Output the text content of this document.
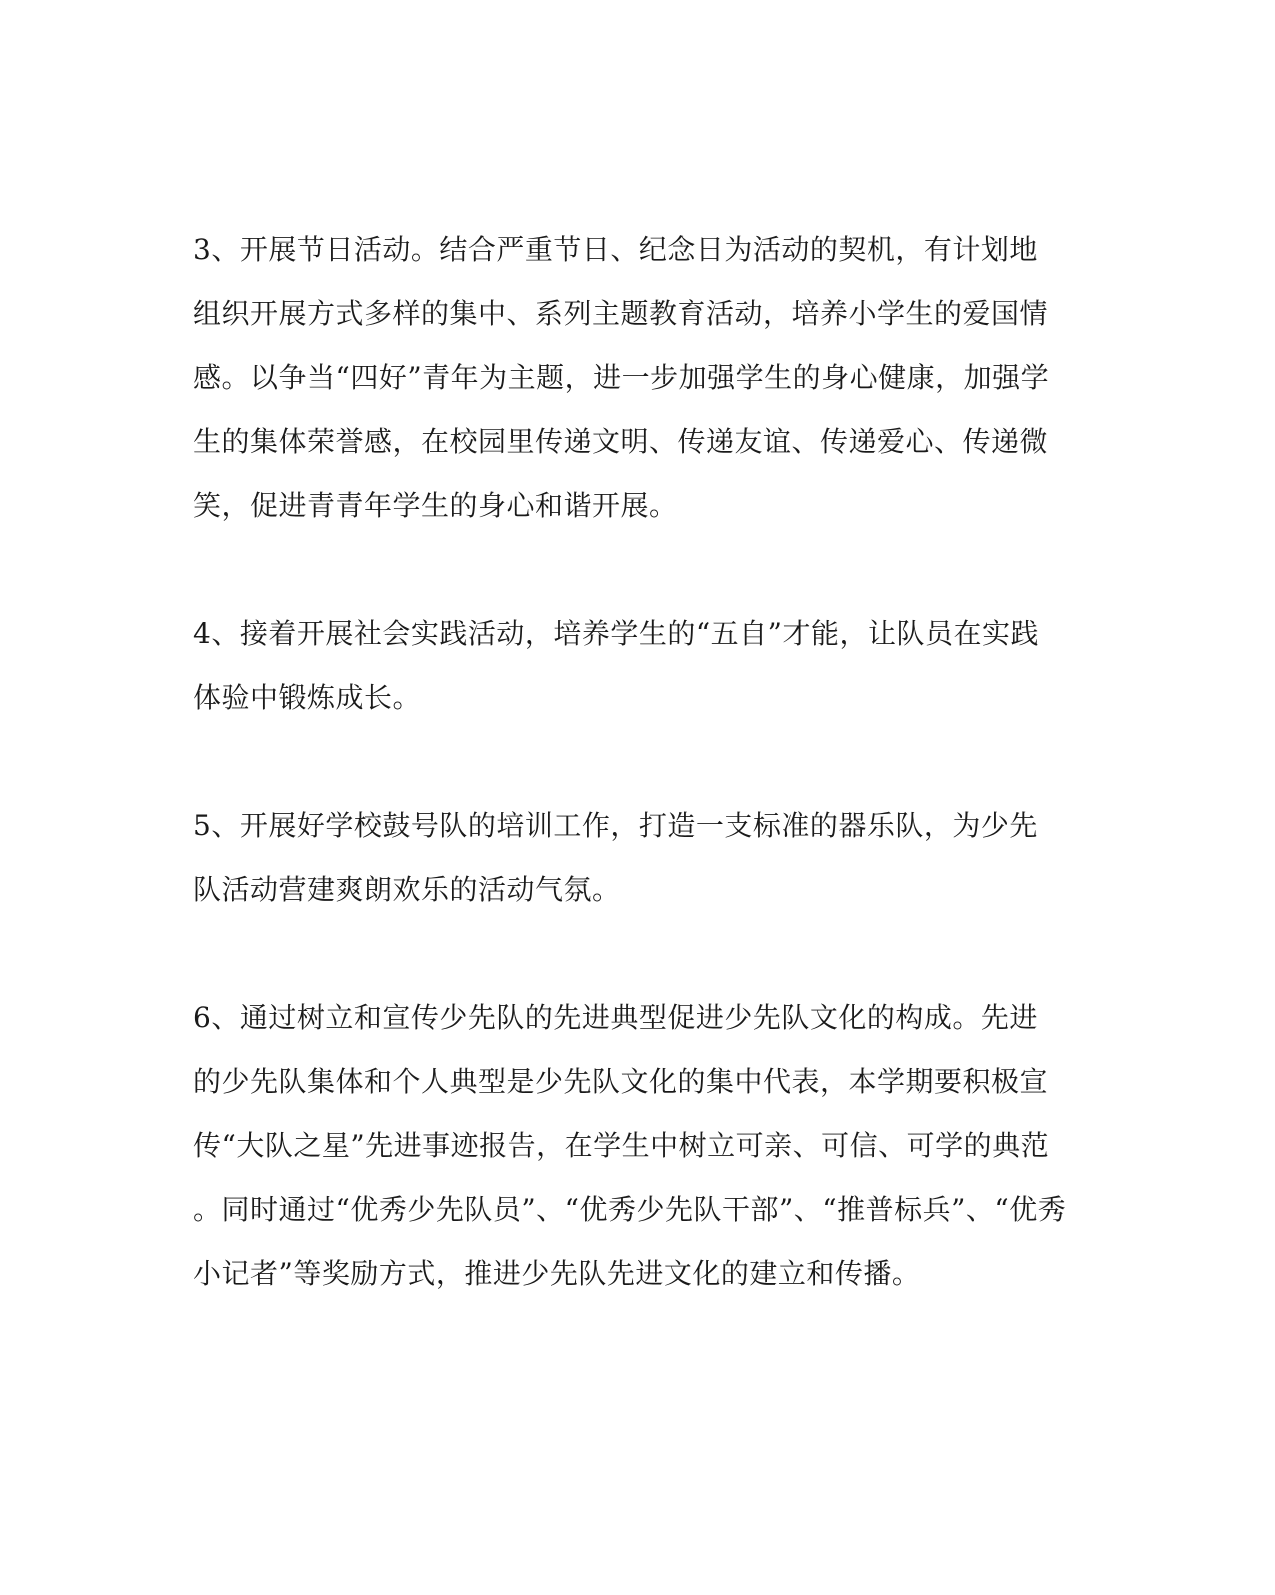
3、开展节日活动。结合严重节日、纪念日为活动的契机，有计划地
组织开展方式多样的集中、系列主题教育活动，培养小学生的爱国情
感。以争当“四好”青年为主题，进一步加强学生的身心健康，加强学
生的集体荣誉感，在校园里传递文明、传递友谊、传递爱心、传递微
笑，促进青青年学生的身心和谐开展。
4、接着开展社会实践活动，培养学生的“五自”才能，让队员在实践
体验中锻炼成长。
5、开展好学校鼓号队的培训工作，打造一支标准的器乐队，为少先
队活动营建爽朗欢乐的活动气氛。
6、通过树立和宣传少先队的先进典型促进少先队文化的构成。先进
的少先队集体和个人典型是少先队文化的集中代表，本学期要积极宣
传“大队之星”先进事迹报告，在学生中树立可亲、可信、可学的典范
。同时通过“优秀少先队员”、“优秀少先队干部”、“推普标兵”、“优秀
小记者”等奖励方式，推进少先队先进文化的建立和传播。
